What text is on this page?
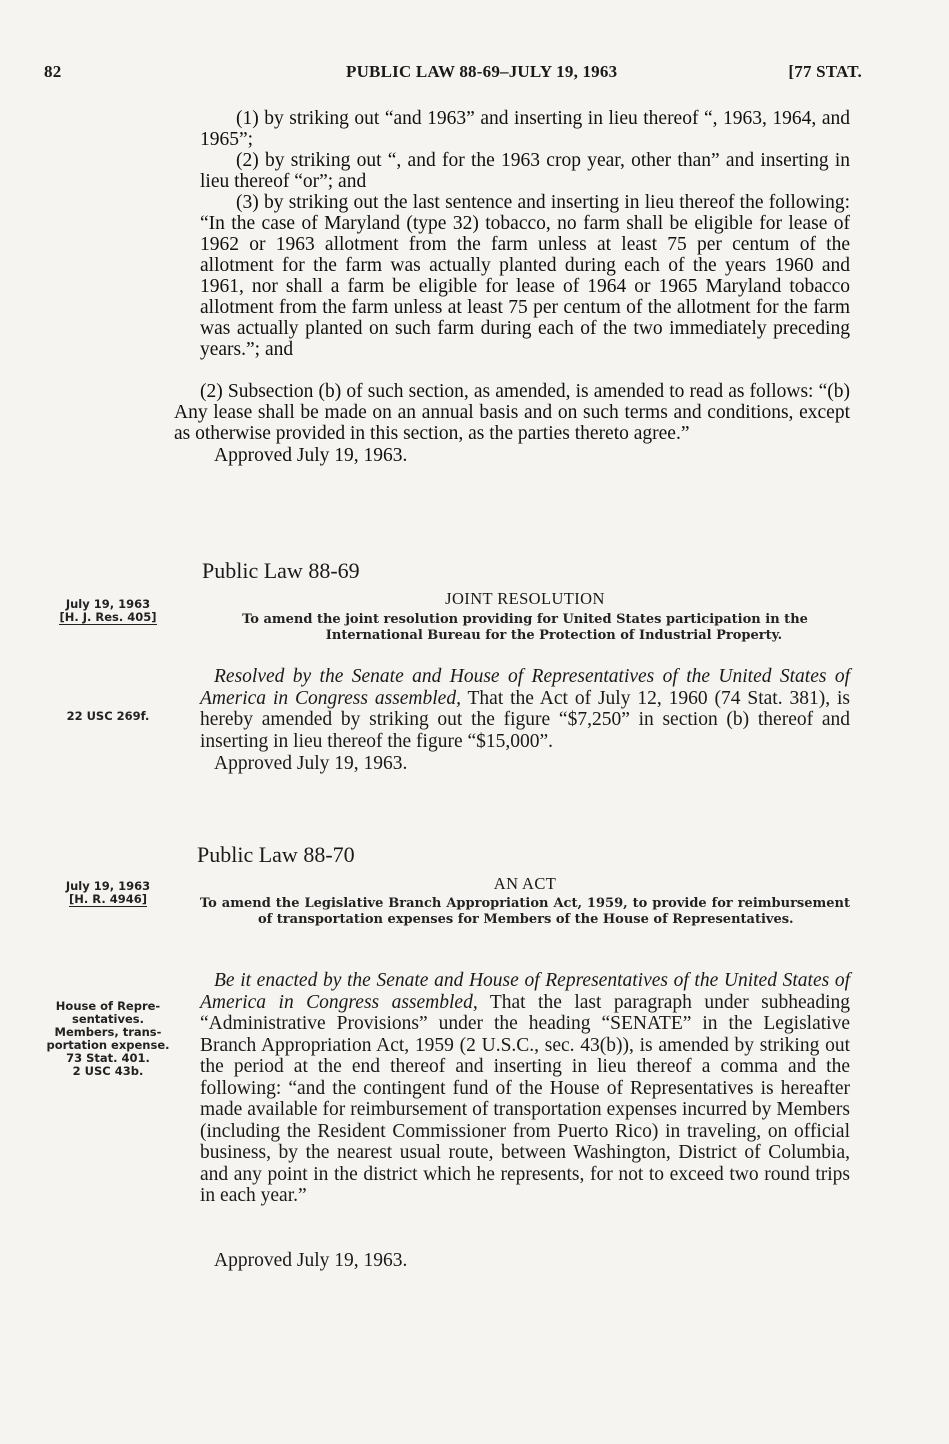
82	PUBLIC LAW 88-69–JULY 19, 1963	[77 STAT.

(1) by striking out “and 1963” and inserting in lieu thereof “, 1963, 1964, and 1965”;

(2) by striking out “, and for the 1963 crop year, other than” and inserting in lieu thereof “or”; and

(3) by striking out the last sentence and inserting in lieu thereof the following: “In the case of Maryland (type 32) tobacco, no farm shall be eligible for lease of 1962 or 1963 allotment from the farm unless at least 75 per centum of the allotment for the farm was actually planted during each of the years 1960 and 1961, nor shall a farm be eligible for lease of 1964 or 1965 Maryland tobacco allotment from the farm unless at least 75 per centum of the allotment for the farm was actually planted on such farm during each of the two immediately preceding years.”; and

(2) Subsection (b) of such section, as amended, is amended to read as follows: “(b) Any lease shall be made on an annual basis and on such terms and conditions, except as otherwise provided in this section, as the parties thereto agree.”

Approved July 19, 1963.

Public Law 88-69
JOINT RESOLUTION
To amend the joint resolution providing for United States participation in the International Bureau for the Protection of Industrial Property.
July 19, 1963
[H. J. Res. 405]
22 USC 269f.
Resolved by the Senate and House of Representatives of the United States of America in Congress assembled, That the Act of July 12, 1960 (74 Stat. 381), is hereby amended by striking out the figure “$7,250” in section (b) thereof and inserting in lieu thereof the figure “$15,000”.
Approved July 19, 1963.
Public Law 88-70
AN ACT
To amend the Legislative Branch Appropriation Act, 1959, to provide for reimbursement of transportation expenses for Members of the House of Representatives.
July 19, 1963
[H. R. 4946]
House of Repre-
sentatives.
Members, trans-
portation expense.
73 Stat. 401.
2 USC 43b.
Be it enacted by the Senate and House of Representatives of the United States of America in Congress assembled, That the last paragraph under subheading “Administrative Provisions” under the heading “SENATE” in the Legislative Branch Appropriation Act, 1959 (2 U.S.C., sec. 43(b)), is amended by striking out the period at the end thereof and inserting in lieu thereof a comma and the following: “and the contingent fund of the House of Representatives is hereafter made available for reimbursement of transportation expenses incurred by Members (including the Resident Commissioner from Puerto Rico) in traveling, on official business, by the nearest usual route, between Washington, District of Columbia, and any point in the district which he represents, for not to exceed two round trips in each year.”
Approved July 19, 1963.
